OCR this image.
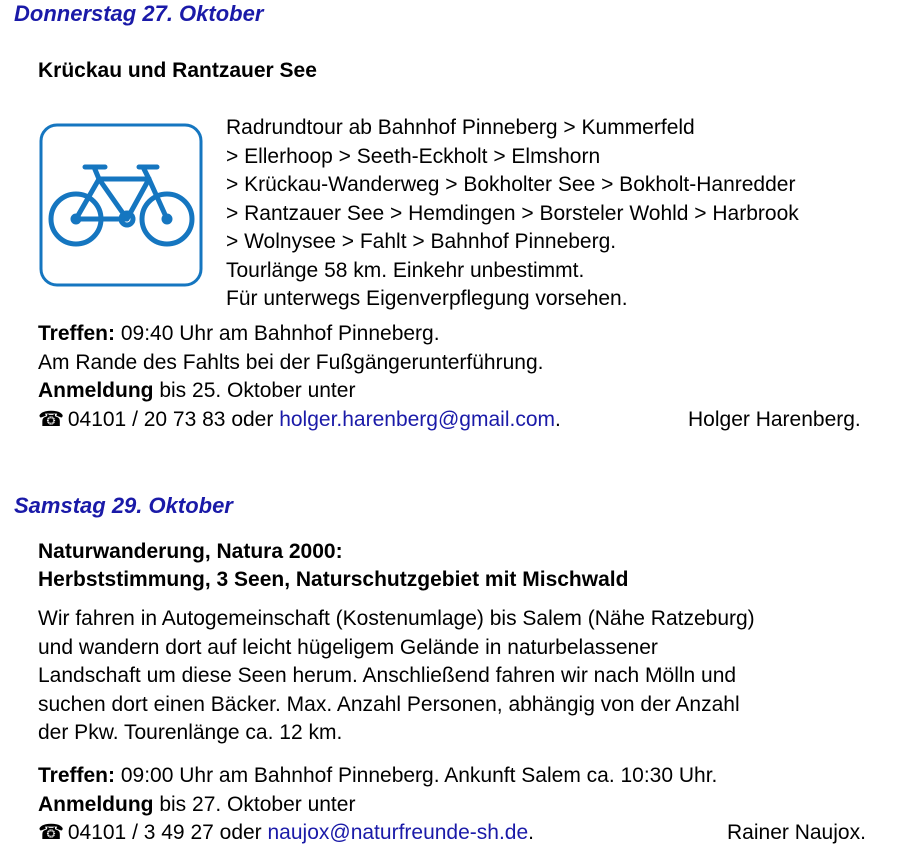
Donnerstag 27. Oktober
Krückau und Rantzauer See
Radrundtour ab Bahnhof Pinneberg > Kummerfeld
> Ellerhoop > Seeth-Eckholt > Elmshorn
> Krückau-Wanderweg > Bokholter See > Bokholt-Hanredder
> Rantzauer See > Hemdingen > Borsteler Wohld > Harbrook
> Wolnysee > Fahlt > Bahnhof Pinneberg.
Tourlänge 58 km. Einkehr unbestimmt.
Für unterwegs Eigenverpflegung vorsehen.
Treffen: 09:40 Uhr am Bahnhof Pinneberg.
Am Rande des Fahlts bei der Fußgängerunterführung.
Anmeldung bis 25. Oktober unter
☎ 04101 / 20 73 83 oder holger.harenberg@gmail.com.	Holger Harenberg.
Samstag 29. Oktober
Naturwanderung, Natura 2000:
Herbststimmung, 3 Seen, Naturschutzgebiet mit Mischwald
Wir fahren in Autogemeinschaft (Kostenumlage) bis Salem (Nähe Ratzeburg)
und wandern dort auf leicht hügeligem Gelände in naturbelassener
Landschaft um diese Seen herum. Anschließend fahren wir nach Mölln und
suchen dort einen Bäcker. Max. Anzahl Personen, abhängig von der Anzahl
der Pkw. Tourenlänge ca. 12 km.
Treffen: 09:00 Uhr am Bahnhof Pinneberg. Ankunft Salem ca. 10:30 Uhr.
Anmeldung bis 27. Oktober unter
☎ 04101 / 3 49 27 oder naujox@naturfreunde-sh.de.	Rainer Naujox.
